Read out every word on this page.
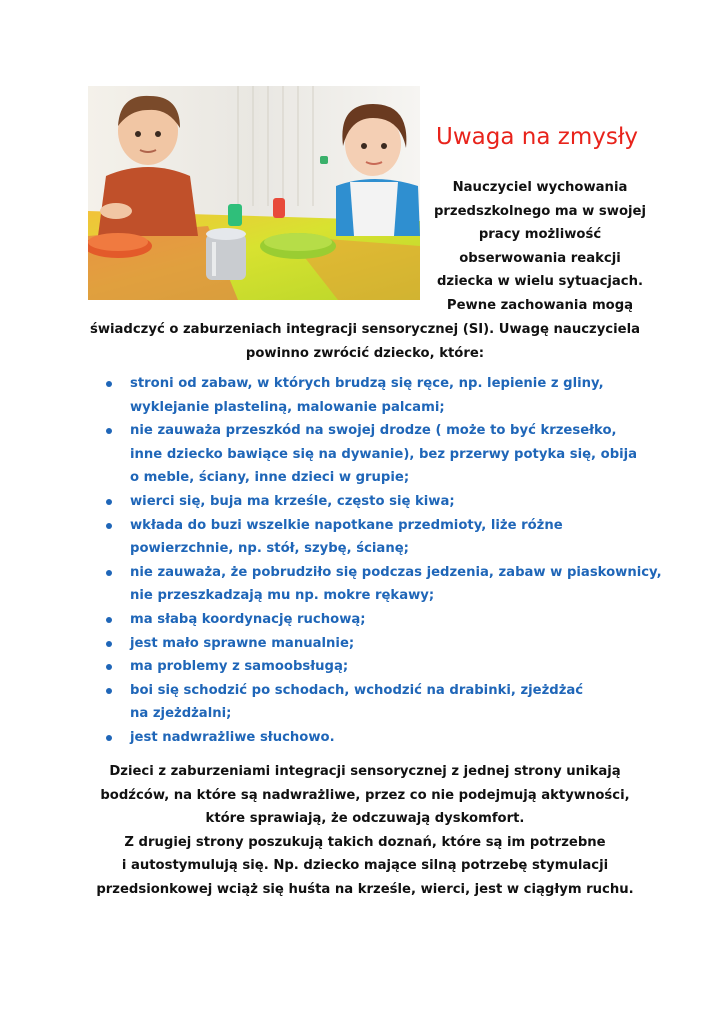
Uwaga na zmysły
Nauczyciel wychowania
przedszkolnego ma w swojej
pracy możliwość
obserwowania reakcji
dziecka w wielu sytuacjach.
Pewne zachowania mogą
świadczyć o zaburzeniach integracji sensorycznej (SI). Uwagę nauczyciela
powinno zwrócić dziecko, które:
stroni od zabaw, w których brudzą się ręce, np. lepienie z gliny,
wyklejanie plasteliną, malowanie palcami;
nie zauważa przeszkód na swojej drodze ( może to być krzesełko,
inne dziecko bawiące się na dywanie), bez przerwy potyka się, obija
o meble, ściany, inne dzieci w grupie;
wierci się, buja ma krześle, często się kiwa;
wkłada do buzi wszelkie napotkane przedmioty, liże różne
powierzchnie, np. stół, szybę, ścianę;
nie zauważa, że pobrudziło się podczas jedzenia, zabaw w piaskownicy,
nie przeszkadzają mu np. mokre rękawy;
ma słabą koordynację ruchową;
jest mało sprawne manualnie;
ma problemy z samoobsługą;
boi się schodzić po schodach, wchodzić na drabinki, zjeżdżać
na zjeżdżalni;
jest nadwrażliwe słuchowo.
Dzieci z zaburzeniami integracji sensorycznej z jednej strony unikają
bodźców, na które są nadwrażliwe, przez co nie podejmują aktywności,
które sprawiają, że odczuwają dyskomfort.
Z drugiej strony poszukują takich doznań, które są im potrzebne
i autostymulują się. Np. dziecko mające silną potrzebę stymulacji
przedsionkowej wciąż się huśta na krześle, wierci, jest w ciągłym ruchu.
